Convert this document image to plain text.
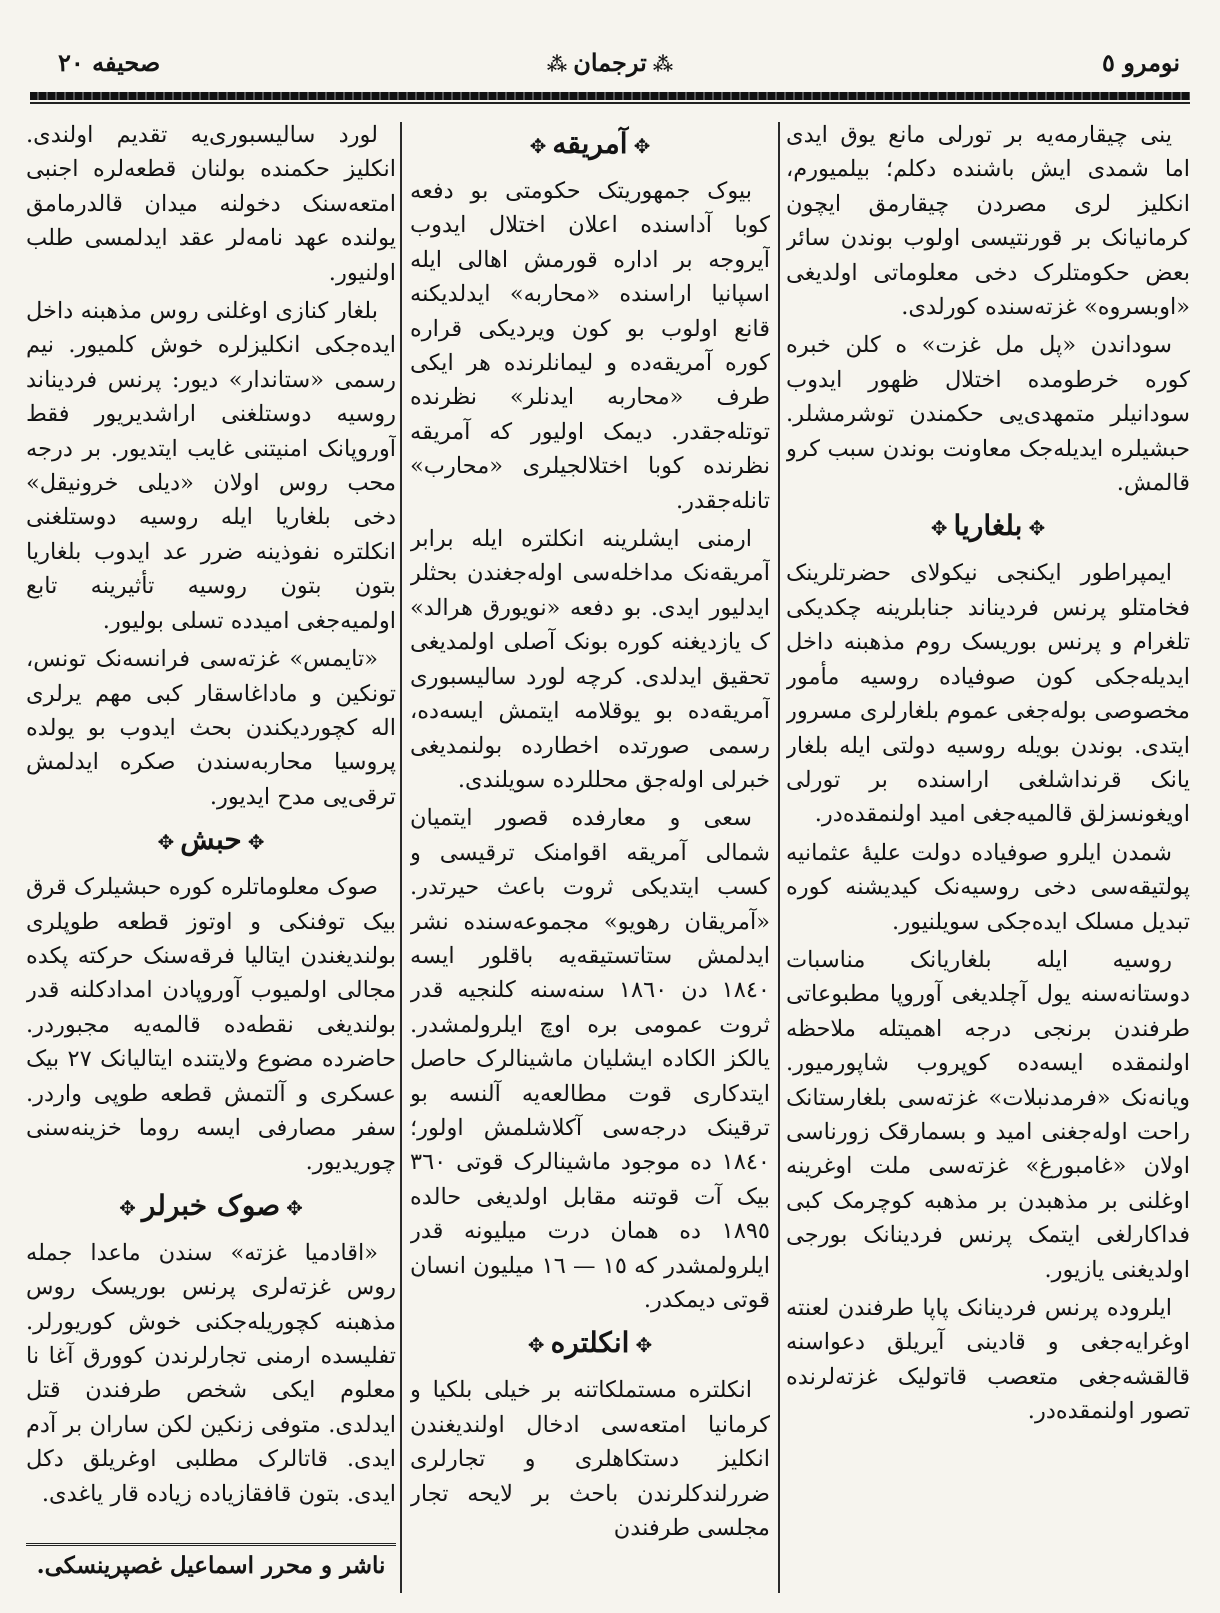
نومرو ٥
⁂ترجمان⁂
صحیفه ٢٠

ینی چیقارمه‌یه بر تورلی مانع یوق ایدی اما شمدی ایش باشنده دکلم؛ بیلمیورم، انکلیز لری مصردن چیقارمق ایچون کرمانیانک بر قورنتیسی اولوب بوندن سائر بعض حکومتلرک دخی معلوماتی اولدیغی «اوبسروه» غزته‌سنده کورلدی.

سوداندن «پل مل غزت» ه کلن خبره کوره خرطومده اختلال ظهور ایدوب سودانیلر متمهدی‌یی حکمندن توشرمشلر. حبشیلره ایدیله‌جک معاونت بوندن سبب کرو قالمش.

✥بلغاریا✥

ایمپراطور ایکنجی نیکولای حضرتلرینک فخامتلو پرنس فردیناند جنابلرینه چکدیکی تلغرام و پرنس بوریسک روم مذهبنه داخل ایدیله‌جکی کون صوفیاده روسیه مأمور مخصوصی بوله‌جغی عموم بلغارلری مسرور ایتدی. بوندن بویله روسیه دولتی ایله بلغار یانک قرنداشلغی اراسنده بر تورلی اویغونسزلق قالمیه‌جغی امید اولنمقده‌در.

شمدن ایلرو صوفیاده دولت علیهٔ عثمانیه پولتیقه‌سی دخی روسیه‌نک کیدیشنه کوره تبدیل مسلک ایده‌جکی سویلنیور.

روسیه ایله بلغاریانک مناسبات دوستانه‌سنه یول آچلدیغی آوروپا مطبوعاتی طرفندن برنجی درجه اهمیتله ملاحظه اولنمقده ایسه‌ده کوپروب شاپورمیور. ویانه‌نک «فرمدنبلات» غزته‌سی بلغارستانک راحت اوله‌جغنی امید و بسمارقک زورناسی اولان «غامبورغ» غزته‌سی ملت اوغرینه اوغلنی بر مذهبدن بر مذهبه کوچرمک کبی فداکارلغی ایتمک پرنس فردینانک بورجی اولدیغنی یازیور.

ایلروده پرنس فردینانک پاپا طرفندن لعنته اوغرایه‌جغی و قادینی آیریلق دعواسنه قالقشه‌جغی متعصب قاتولیک غزته‌لرنده تصور اولنمقده‌در.

✥آمریقه✥

بیوک جمهوریتک حکومتی بو دفعه کوبا آداسنده اعلان اختلال ایدوب آیروجه بر اداره قورمش اهالی ایله اسپانیا اراسنده «محاربه» ایدلدیکنه قانع اولوب بو کون ویردیکی قراره کوره آمریقه‌ده و لیمانلرنده هر ایکی طرف «محاربه ایدنلر» نظرنده توتله‌جقدر. دیمک اولیور که آمریقه نظرنده کوبا اختلالجیلری «محارب» تانله‌جقدر.

ارمنی ایشلرینه انکلتره ایله برابر آمریقه‌نک مداخله‌سی اوله‌جغندن بحثلر ایدلیور ایدی. بو دفعه «نویورق هرالد» ک یازدیغنه کوره بونک آصلی اولمدیغی تحقیق ایدلدی. کرچه لورد سالیسبوری آمریقه‌ده بو یوقلامه ایتمش ایسه‌ده، رسمی صورتده اخطارده بولنمدیغی خبرلی اوله‌جق محللرده سویلندی.

سعی و معارفده قصور ایتمیان شمالی آمریقه اقوامنک ترقیسی و کسب ایتدیکی ثروت باعث حیرتدر. «آمریقان رهویو» مجموعه‌سنده نشر ایدلمش ستاتستیقه‌یه باقلور ایسه ١٨٤٠ دن ١٨٦٠ سنه‌سنه کلنجیه قدر ثروت عمومی بره اوچ ایلرولمشدر. یالکز الکاده ایشلیان ماشینالرک حاصل ایتدکاری قوت مطالعه‌یه آلنسه بو ترقینک درجه‌سی آکلاشلمش اولور؛ ١٨٤٠ ده موجود ماشینالرک قوتی ٣٦٠ بیک آت قوتنه مقابل اولدیغی حالده ١٨٩٥ ده همان درت میلیونه قدر ایلرولمشدر که ١٥ — ١٦ میلیون انسان قوتی دیمکدر.

✥انکلتره✥

انکلتره مستملکاتنه بر خیلی بلکیا و کرمانیا امتعه‌سی ادخال اولندیغندن انکلیز دستکاهلری و تجارلری ضررلندکلرندن باحث بر لایحه تجار مجلسی طرفندن

لورد سالیسبوری‌یه تقدیم اولندی. انکلیز حکمنده بولنان قطعه‌لره اجنبی امتعه‌سنک دخولنه میدان قالدرمامق یولنده عهد نامه‌لر عقد ایدلمسی طلب اولنیور.

بلغار کنازی اوغلنی روس مذهبنه داخل ایده‌جکی انکلیزلره خوش کلمیور. نیم رسمی «ستاندار» دیور: پرنس فردیناند روسیه دوستلغنی اراشدیریور فقط آوروپانک امنیتنی غایب ایتدیور. بر درجه محب روس اولان «دیلی خرونیقل» دخی بلغاریا ایله روسیه دوستلغنی انکلتره نفوذینه ضرر عد ایدوب بلغاریا بتون بتون روسیه تأثیرینه تابع اولمیه‌جغی امیدده تسلی بولیور.

«تایمس» غزته‌سی فرانسه‌نک تونس، تونکین و ماداغاسقار کبی مهم یرلری اله کچوردیکندن بحث ایدوب بو یولده پروسیا محاربه‌سندن صکره ایدلمش ترقی‌یی مدح ایدیور.

✥حبش✥

صوک معلوماتلره کوره حبشیلرک قرق بیک توفنکی و اوتوز قطعه طوپلری بولندیغندن ایتالیا فرقه‌سنک حرکته پکده مجالی اولمیوب آوروپادن امدادکلنه قدر بولندیغی نقطه‌ده قالمه‌یه مجبوردر. حاضرده مضوع ولایتنده ایتالیانک ٢٧ بیک عسکری و آلتمش قطعه طوپی واردر. سفر مصارفی ایسه روما خزینه‌سنی چوریدیور.

✥صوک خبرلر✥

«اقادمیا غزته» سندن ماعدا جمله روس غزته‌لری پرنس بوریسک روس مذهبنه کچوریله‌جکنی خوش کوریورلر. تفلیسده ارمنی تجارلرندن کوورق آغا نا معلوم ایکی شخص طرفندن قتل ایدلدی. متوفی زنکین لکن ساران بر آدم ایدی. قاتالرک مطلبی اوغریلق دکل ایدی. بتون قافقازیاده زیاده قار یاغدی.

ناشر و محرر اسماعیل غصپرینسکی.
